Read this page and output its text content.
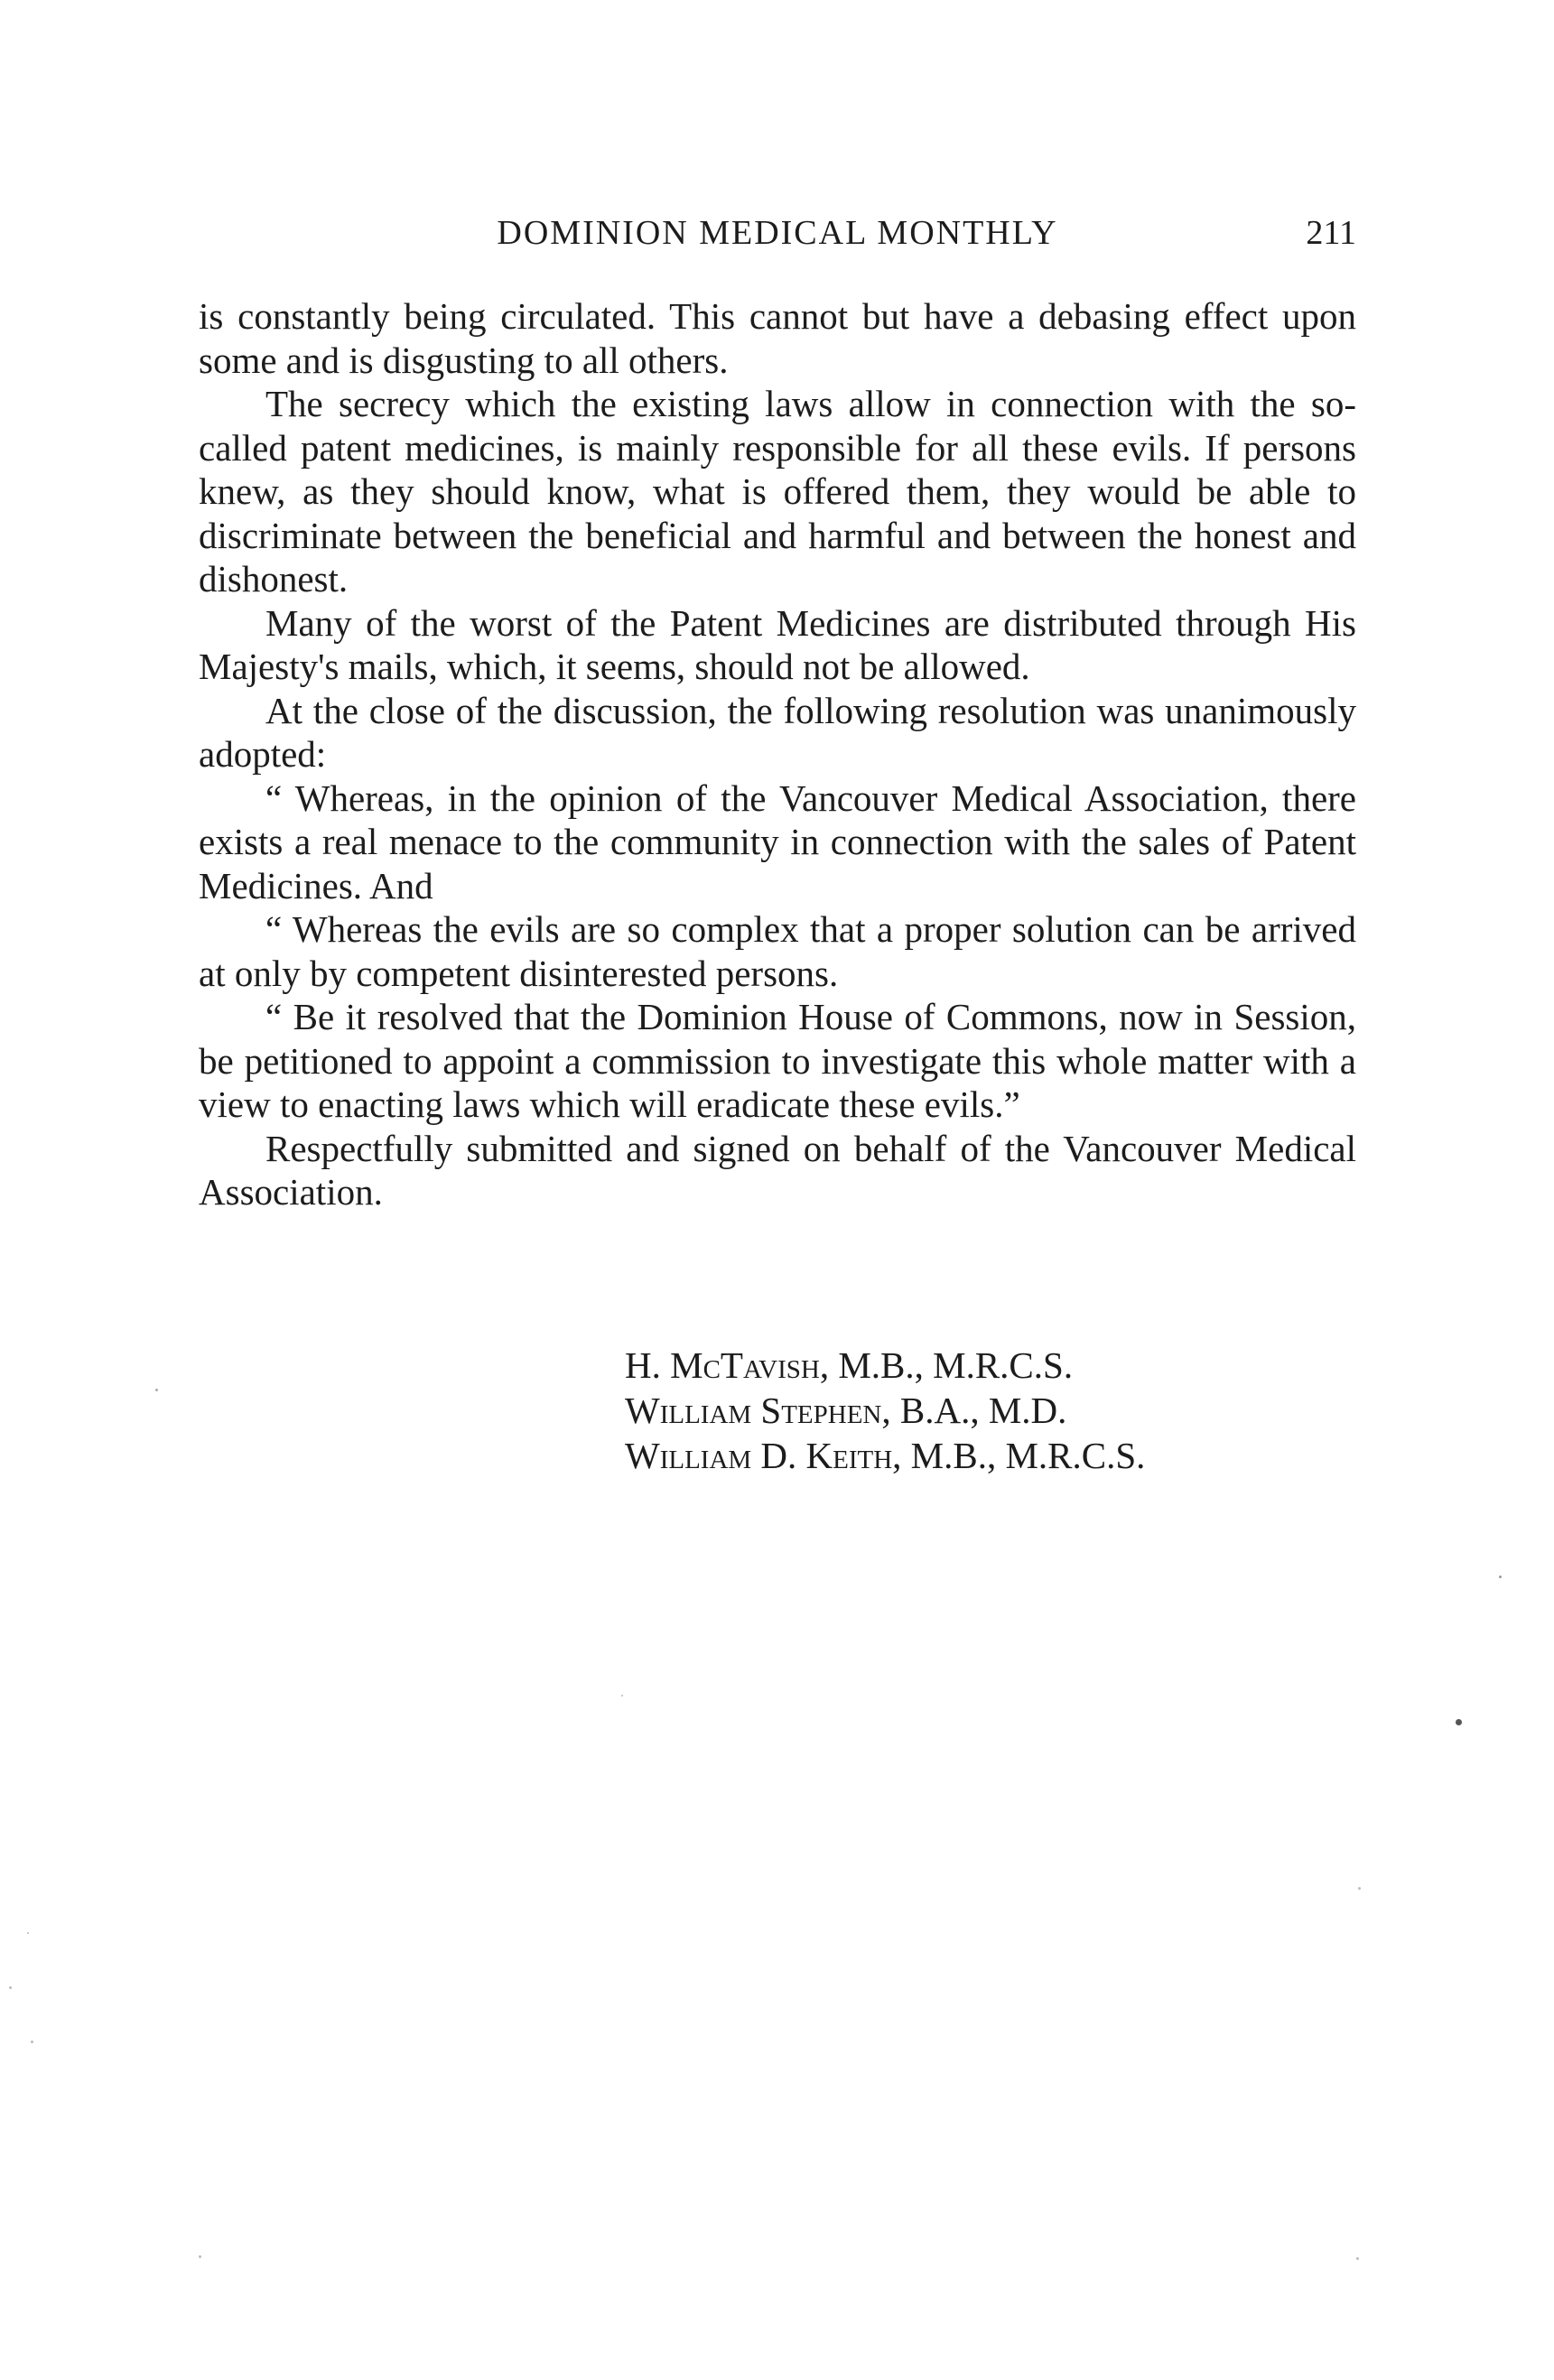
DOMINION MEDICAL MONTHLY	211

is constantly being circulated. This cannot but have a debasing effect upon some and is disgusting to all others.

The secrecy which the existing laws allow in connection with the so-called patent medicines, is mainly responsible for all these evils. If persons knew, as they should know, what is offered them, they would be able to discriminate between the beneficial and harmful and between the honest and dishonest.

Many of the worst of the Patent Medicines are distributed through His Majesty's mails, which, it seems, should not be allowed.

At the close of the discussion, the following resolution was unanimously adopted:

“ Whereas, in the opinion of the Vancouver Medical Association, there exists a real menace to the community in connection with the sales of Patent Medicines. And

“ Whereas the evils are so complex that a proper solution can be arrived at only by competent disinterested persons.

“ Be it resolved that the Dominion House of Commons, now in Session, be petitioned to appoint a commission to investigate this whole matter with a view to enacting laws which will eradicate these evils.”

Respectfully submitted and signed on behalf of the Vancouver Medical Association.

H. McTavish, M.B., M.R.C.S.
William Stephen, B.A., M.D.
William D. Keith, M.B., M.R.C.S.
